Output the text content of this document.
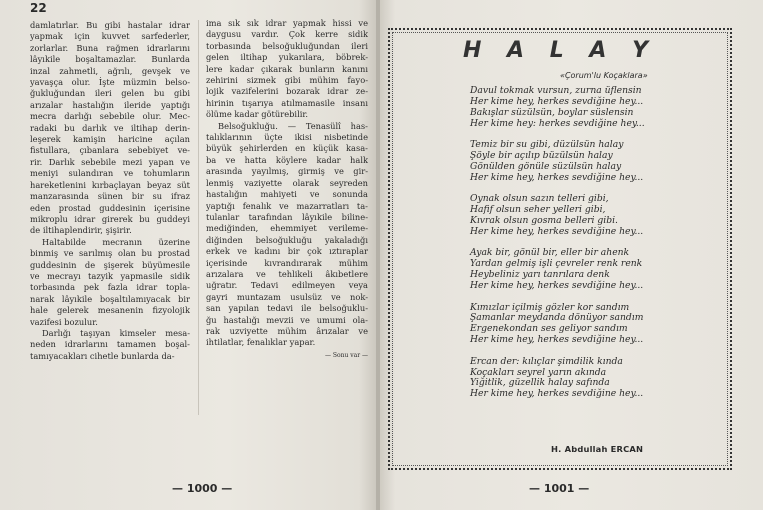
22
damlatırlar. Bu gibi hastalar idrar
yapmak için kuvvet sarfederler,
zorlarlar. Buna rağmen idrarlarını
lâyıkile boşaltamazlar. Bunlarda
inzal zahmetli, ağrılı, gevşek ve
yavaşça olur. İşte müzmin belso-
ğukluğundan ileri gelen bu gibi
arızalar hastalığın ileride yaptığı
mecra darlığı sebebile olur. Mec-
radaki bu darlık ve iltihap derin-
leşerek kamişin haricine açılan
fistullara, çıbanlara sebebiyet ve-
rir. Darlık sebebile mezi yapan ve
meniyi sulandıran ve tohumların
hareketlenini kırbaçlayan beyaz süt
manzarasında sünen bir su ifraz
eden prostad guddesinin içerisine
mikroplu idrar girerek bu guddeyi
de iltihaplendirir, şişirir.
Haltabilde mecranın üzerine
binmiş ve sarılmış olan bu prostad
guddesinin de şişerek büyümesile
ve mecrayı tazyik yapmasile sidik
torbasında pek fazla idrar topla-
narak lâyıkile boşaltılamıyacak bir
hale gelerek mesanenin fizyolojik
vazifesi bozulur.
Darlığı taşıyan kimseler mesa-
neden idrarlarını tamamen boşal-
tamıyacakları cihetle bunlarda da-
ima sık sık idrar yapmak hissi ve
daygusu vardır. Çok kerre sidik
torbasında belsoğukluğundan ileri
gelen iltihap yukarılara, böbrek-
lere kadar çıkarak bunların kanını
zehirini sizmek gibi mühim fayo-
lojik vazifelerini bozarak idrar ze-
hirinin tışarıya atılmamasile insanı
ölüme kadar götürebilir.
Belsoğukluğu. — Tenasülî has-
talıklarının üçte ikisi nisbetinde
büyük şehirlerden en küçük kasa-
ba ve hatta köylere kadar halk
arasında yayılmış, girmiş ve gir-
lenmiş vaziyette olarak seyreden
hastalığın mahiyeti ve sonunda
yaptığı fenalık ve mazarratları ta-
tulanlar tarafından lâyıkile biline-
mediğinden, ehemmiyet verileme-
diğinden belsoğukluğu yakaladığı
erkek ve kadını bir çok ıztıraplar
içerisinde kıvrandırarak mühim
arızalara ve tehlikeli âkıbetlere
uğratır. Tedavi edilmeyen veya
gayri muntazam usulsüz ve nok-
san yapılan tedavi ile belsoğuklu-
ğu hastalığı mevzii ve umumi ola-
rak uzviyette mühim ârızalar ve
ihtilatlar, fenalıklar yapar.
— Sonu var —
— 1000 —
H A L A Y
«Çorum'lu Koçaklara»
Davul tokmak vursun, zurna üflensin
Her kime hey, herkes sevdiğine hey...
Bakışlar süzülsün, boylar süslensin
Her kime hey: herkes sevdiğine hey...
Temiz bir su gibi, düzülsün halay
Şöyle bir açılıp büzülsün halay
Gönülden gönüle süzülsün halay
Her kime hey, herkes sevdiğine hey...
Oynak olsun sazın telleri gibi,
Hafif olsun seher yelleri gibi,
Kıvrak olsun gosma belleri gibi.
Her kime hey, herkes sevdiğine hey...
Ayak bir, gönül bir, eller bir ahenk
Yardan gelmiş işli çevreler renk renk
Heybeliniz yarı tanrılara denk
Her kime hey, herkes sevdiğine hey...
Kımızlar içilmiş gözler kor sandım
Şamanlar meydanda dönüyor sandım
Ergenekondan ses geliyor sandım
Her kime hey, herkes sevdiğine hey...
Ercan der: kılıçlar şimdilik kında
Koçakları seyrel yarın akında
Yiğitlik, güzellik halay safında
Her kime hey, herkes sevdiğine hey...
H. Abdullah ERCAN
— 1001 —
